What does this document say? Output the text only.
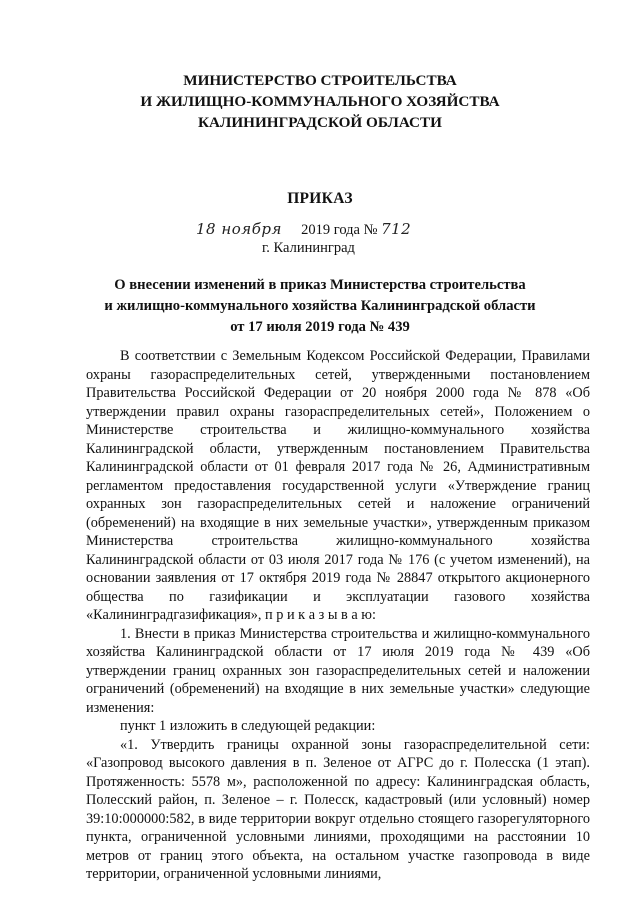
МИНИСТЕРСТВО СТРОИТЕЛЬСТВА
И ЖИЛИЩНО-КОММУНАЛЬНОГО ХОЗЯЙСТВА
КАЛИНИНГРАДСКОЙ ОБЛАСТИ
ПРИКАЗ
18 ноября 2019 года № 712
г. Калининград
О внесении изменений в приказ Министерства строительства
и жилищно-коммунального хозяйства Калининградской области
от 17 июля 2019 года № 439

В соответствии с Земельным Кодексом Российской Федерации, Правилами охраны газораспределительных сетей, утвержденными постановлением Правительства Российской Федерации от 20 ноября 2000 года № 878 «Об утверждении правил охраны газораспределительных сетей», Положением о Министерстве строительства и жилищно-коммунального хозяйства Калининградской области, утвержденным постановлением Правительства Калининградской области от 01 февраля 2017 года № 26, Административным регламентом предоставления государственной услуги «Утверждение границ охранных зон газораспределительных сетей и наложение ограничений (обременений) на входящие в них земельные участки», утвержденным приказом Министерства строительства жилищно-коммунального хозяйства Калининградской области от 03 июля 2017 года № 176 (с учетом изменений), на основании заявления от 17 октября 2019 года № 28847 открытого акционерного общества по газификации и эксплуатации газового хозяйства «Калининградгазификация», п р и к а з ы в а ю:

1. Внести в приказ Министерства строительства и жилищно-коммунального хозяйства Калининградской области от 17 июля 2019 года № 439 «Об утверждении границ охранных зон газораспределительных сетей и наложении ограничений (обременений) на входящие в них земельные участки» следующие изменения:

пункт 1 изложить в следующей редакции:

«1. Утвердить границы охранной зоны газораспределительной сети: «Газопровод высокого давления в п. Зеленое от АГРС до г. Полесска (1 этап). Протяженность: 5578 м», расположенной по адресу: Калининградская область, Полесский район, п. Зеленое – г. Полесск, кадастровый (или условный) номер 39:10:000000:582, в виде территории вокруг отдельно стоящего газорегуляторного пункта, ограниченной условными линиями, проходящими на расстоянии 10 метров от границ этого объекта, на остальном участке газопровода в виде территории, ограниченной условными линиями,
